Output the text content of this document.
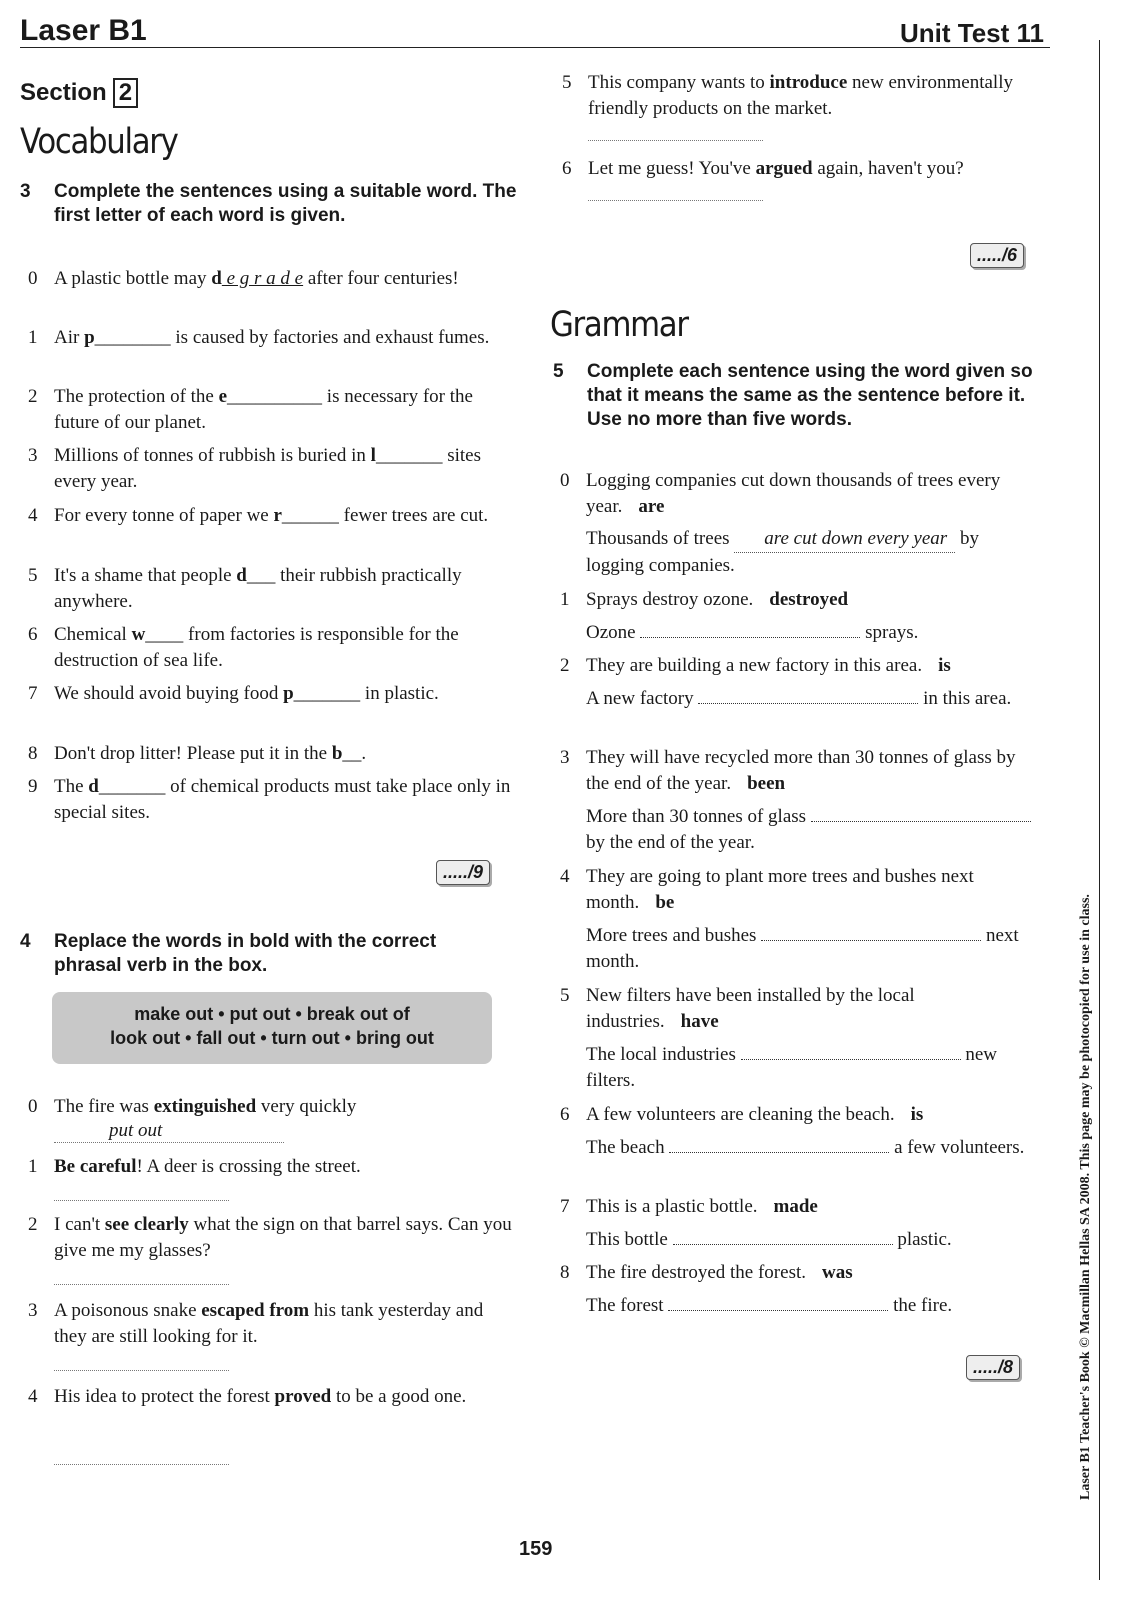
Laser B1	Unit Test 11
Section 2
Vocabulary
3 Complete the sentences using a suitable word. The first letter of each word is given.
0 A plastic bottle may d e g r a d e after four centuries!
1 Air p________ is caused by factories and exhaust fumes.
2 The protection of the e__________ is necessary for the future of our planet.
3 Millions of tonnes of rubbish is buried in l_______ sites every year.
4 For every tonne of paper we r______ fewer trees are cut.
5 It's a shame that people d___ their rubbish practically anywhere.
6 Chemical w____ from factories is responsible for the destruction of sea life.
7 We should avoid buying food p_______ in plastic.
8 Don't drop litter! Please put it in the b__.
9 The d_______ of chemical products must take place only in special sites.
...../9
4 Replace the words in bold with the correct phrasal verb in the box.
make out • put out • break out of
look out • fall out • turn out • bring out
0 The fire was extinguished very quickly
put out
1 Be careful! A deer is crossing the street.
2 I can't see clearly what the sign on that barrel says. Can you give me my glasses?
3 A poisonous snake escaped from his tank yesterday and they are still looking for it.
4 His idea to protect the forest proved to be a good one.
5 This company wants to introduce new environmentally friendly products on the market.
6 Let me guess! You've argued again, haven't you?
...../6
Grammar
5 Complete each sentence using the word given so that it means the same as the sentence before it. Use no more than five words.
0 Logging companies cut down thousands of trees every year. are
Thousands of trees are cut down every year by logging companies.
1 Sprays destroy ozone. destroyed
Ozone	sprays.
2 They are building a new factory in this area. is
A new factory	in this area.
3 They will have recycled more than 30 tonnes of glass by the end of the year. been
More than 30 tonnes of glass  by the end of the year.
4 They are going to plant more trees and bushes next month. be
More trees and bushes	next month.
5 New filters have been installed by the local industries. have
The local industries	new filters.
6 A few volunteers are cleaning the beach. is
The beach	a few volunteers.
7 This is a plastic bottle. made
This bottle	plastic.
8 The fire destroyed the forest. was
The forest	the fire.
...../8
159
Laser B1 Teacher's Book © Macmillan Hellas SA 2008. This page may be photocopied for use in class.
